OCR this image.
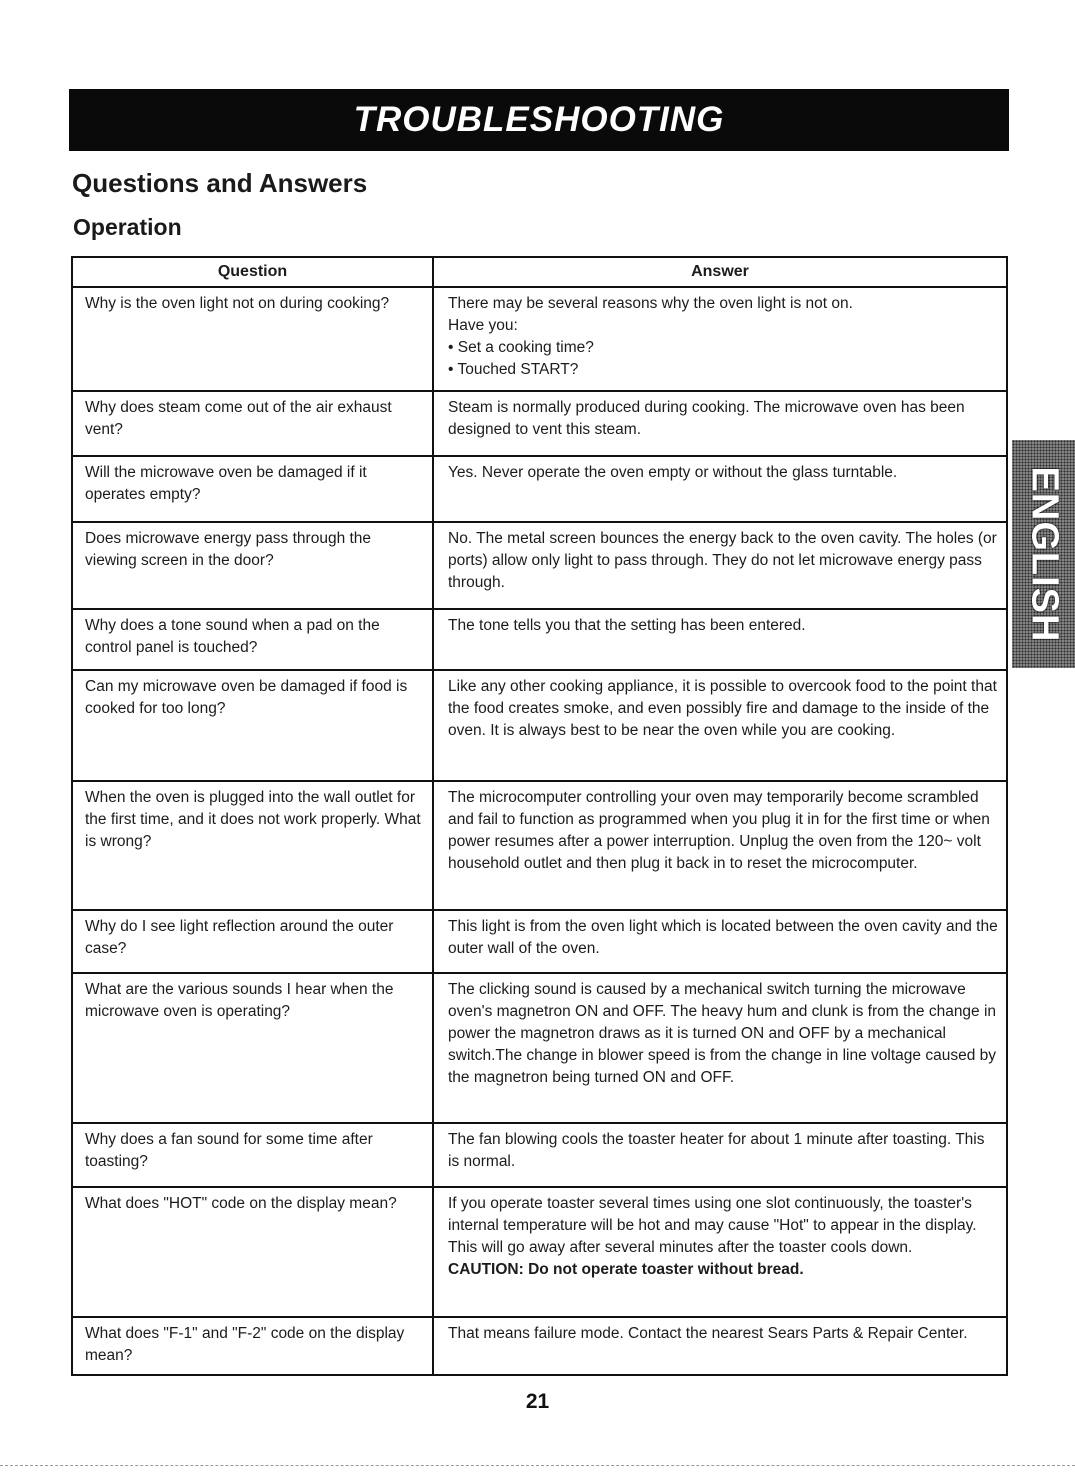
TROUBLESHOOTING
Questions and Answers
Operation
Question	Answer
Why is the oven light not on during cooking?	There may be several reasons why the oven light is not on.
Have you:
• Set a cooking time?
• Touched START?

Why does steam come out of the air exhaust vent?	Steam is normally produced during cooking. The microwave oven has been designed to vent this steam.
Will the microwave oven be damaged if it operates empty?	Yes. Never operate the oven empty or without the glass turntable.
Does microwave energy pass through the viewing screen in the door?	No. The metal screen bounces the energy back to the oven cavity. The holes (or ports) allow only light to pass through. They do not let microwave energy pass through.
Why does a tone sound when a pad on the control panel is touched?	The tone tells you that the setting has been entered.
Can my microwave oven be damaged if food is cooked for too long?	Like any other cooking appliance, it is possible to overcook food to the point that the food creates smoke, and even possibly fire and damage to the inside of the oven. It is always best to be near the oven while you are cooking.
When the oven is plugged into the wall outlet for the first time, and it does not work properly. What is wrong?	The microcomputer controlling your oven may temporarily become scrambled and fail to function as programmed when you plug it in for the first time or when power resumes after a power interruption. Unplug the oven from the 120~ volt household outlet and then plug it back in to reset the microcomputer.
Why do I see light reflection around the outer case?	This light is from the oven light which is located between the oven cavity and the outer wall of the oven.
What are the various sounds I hear when the microwave oven is operating?	The clicking sound is caused by a mechanical switch turning the microwave oven's magnetron ON and OFF. The heavy hum and clunk is from the change in power the magnetron draws as it is turned ON and OFF by a mechanical switch.The change in blower speed is from the change in line voltage caused by the magnetron being turned ON and OFF.
Why does a fan sound for some time after toasting?	The fan blowing cools the toaster heater for about 1 minute after toasting. This is normal.
What does "HOT" code on the display mean?	If you operate toaster several times using one slot continuously, the toaster's internal temperature will be hot and may cause "Hot" to appear in the display. This will go away after several minutes after the toaster cools down.
CAUTION: Do not operate toaster without bread.

What does "F-1" and "F-2" code on the display mean?	That means failure mode. Contact the nearest Sears Parts & Repair Center.
ENGLISH
21
